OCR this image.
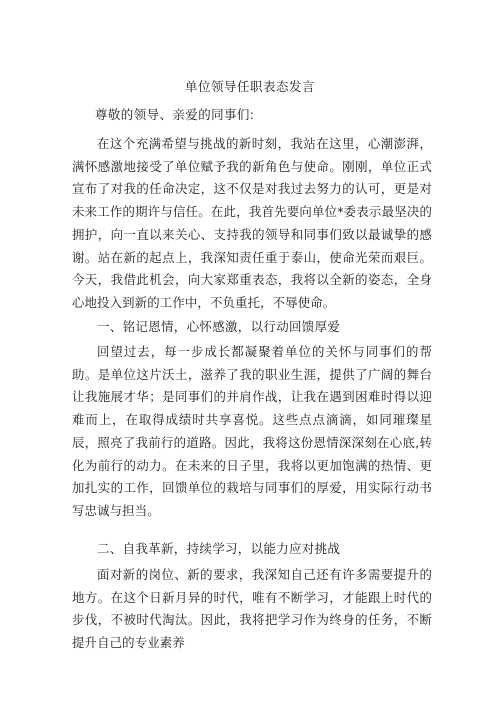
单位领导任职表态发言
尊敬的领导、亲爱的同事们:

在这个充满希望与挑战的新时刻，我站在这里，心潮澎湃，满怀感激地接受了单位赋予我的新角色与使命。刚刚，单位正式宣布了对我的任命决定，这不仅是对我过去努力的认可，更是对未来工作的期许与信任。在此，我首先要向单位*委表示最坚决的拥护，向一直以来关心、支持我的领导和同事们致以最诚挚的感谢。站在新的起点上，我深知责任重于泰山，使命光荣而艰巨。今天，我借此机会，向大家郑重表态，我将以全新的姿态，全身心地投入到新的工作中，不负重托，不辱使命。

一、铭记恩情，心怀感激，以行动回馈厚爱

回望过去，每一步成长都凝聚着单位的关怀与同事们的帮助。是单位这片沃土，滋养了我的职业生涯，提供了广阔的舞台让我施展才华；是同事们的并肩作战，让我在遇到困难时得以迎难而上，在取得成绩时共享喜悦。这些点点滴滴，如同璀璨星辰，照亮了我前行的道路。因此，我将这份恩情深深刻在心底,转化为前行的动力。在未来的日子里，我将以更加饱满的热情、更加扎实的工作，回馈单位的栽培与同事们的厚爱，用实际行动书写忠诚与担当。

二、自我革新，持续学习，以能力应对挑战

面对新的岗位、新的要求，我深知自己还有许多需要提升的地方。在这个日新月异的时代，唯有不断学习，才能跟上时代的步伐，不被时代淘汰。因此，我将把学习作为终身的任务，不断提升自己的专业素养
